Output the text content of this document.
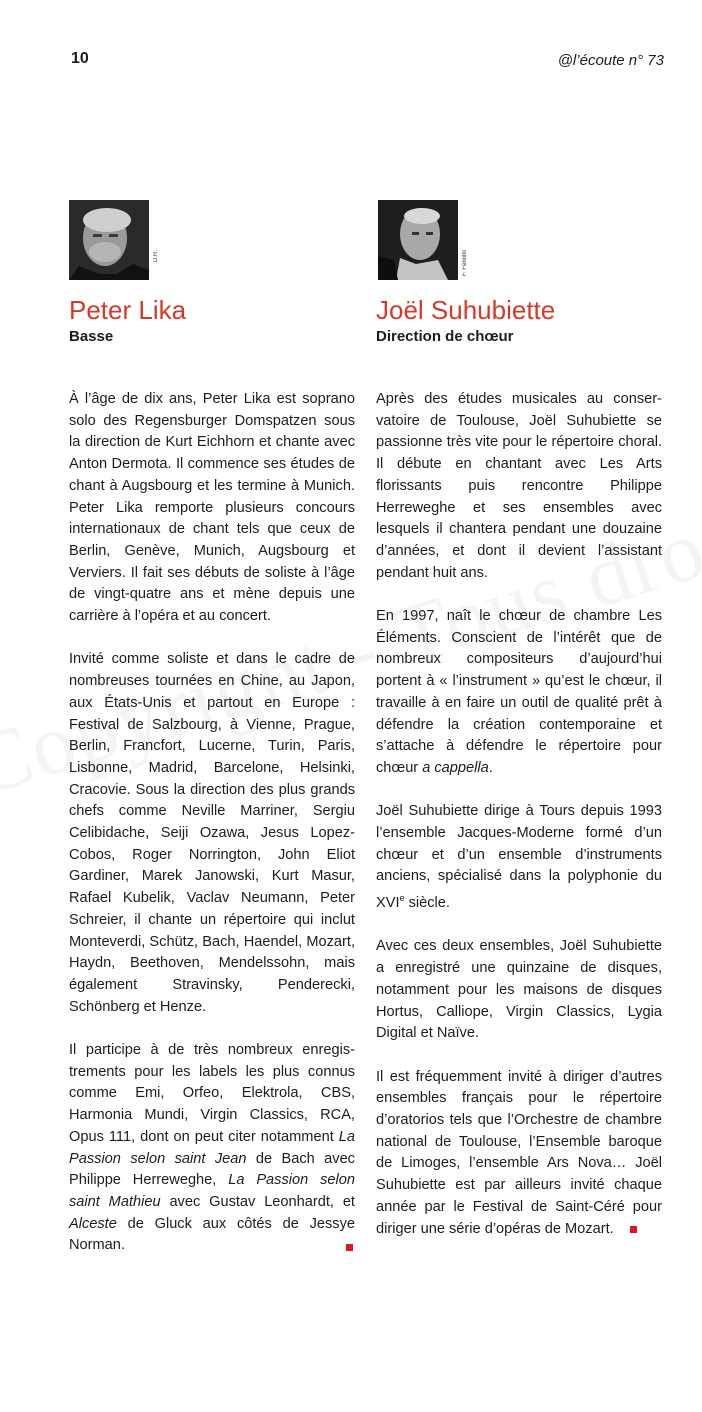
10	@l’écoute n° 73
D.R.
Peter Lika
Basse

À l’âge de dix ans, Peter Lika est soprano solo des Regensburger Domspatzen sous la direction de Kurt Eichhorn et chante avec Anton Dermota. Il commence ses études de chant à Augsbourg et les termine à Munich. Peter Lika remporte plusieurs concours internationaux de chant tels que ceux de Berlin, Genève, Munich, Augsbourg et Verviers. Il fait ses débuts de soliste à l’âge de vingt-quatre ans et mène depuis une carrière à l’opéra et au concert.

Invité comme soliste et dans le cadre de nombreuses tournées en Chine, au Japon, aux États-Unis et partout en Europe : Festival de Salzbourg, à Vienne, Prague, Berlin, Francfort, Lucerne, Turin, Paris, Lisbonne, Madrid, Barcelone, Helsinki, Cracovie. Sous la direction des plus grands chefs comme Neville Marriner, Sergiu Celibidache, Seiji Ozawa, Jesus Lopez-Cobos, Roger Norrington, John Eliot Gardiner, Marek Janowski, Kurt Masur, Rafael Kubelik, Vaclav Neumann, Peter Schreier, il chante un répertoire qui inclut Monteverdi, Schütz, Bach, Haendel, Mozart, Haydn, Beethoven, Mendelssohn, mais également Stravinsky, Penderecki, Schönberg et Henze.

Il participe à de très nombreux enregistrements pour les labels les plus connus comme Emi, Orfeo, Elektrola, CBS, Harmonia Mundi, Virgin Classics, RCA, Opus 111, dont on peut citer notamment La Passion selon saint Jean de Bach avec Philippe Herreweghe, La Passion selon saint Mathieu avec Gustav Leonhardt, et Alceste de Gluck aux côtés de Jessye Norman.

F. Fenollo
Joël Suhubiette
Direction de chœur

Après des études musicales au conservatoire de Toulouse, Joël Suhubiette se passionne très vite pour le répertoire choral. Il débute en chantant avec Les Arts florissants puis rencontre Philippe Herreweghe et ses ensembles avec lesquels il chantera pendant une douzaine d’années, et dont il devient l’assistant pendant huit ans.

En 1997, naît le chœur de chambre Les Éléments. Conscient de l’intérêt que de nombreux compositeurs d’aujourd’hui portent à « l’instrument » qu’est le chœur, il travaille à en faire un outil de qualité prêt à défendre la création contemporaine et s’attache à défendre le répertoire pour chœur a cappella.

Joël Suhubiette dirige à Tours depuis 1993 l’ensemble Jacques-Moderne formé d’un chœur et d’un ensemble d’instruments anciens, spécialisé dans la polyphonie du XVIe siècle.

Avec ces deux ensembles, Joël Suhubiette a enregistré une quinzaine de disques, notamment pour les maisons de disques Hortus, Calliope, Virgin Classics, Lygia Digital et Naïve.

Il est fréquemment invité à diriger d’autres ensembles français pour le répertoire d’oratorios tels que l’Orchestre de chambre national de Toulouse, l’Ensemble baroque de Limoges, l’ensemble Ars Nova… Joël Suhubiette est par ailleurs invité chaque année par le Festival de Saint-Céré pour diriger une série d’opéras de Mozart.
